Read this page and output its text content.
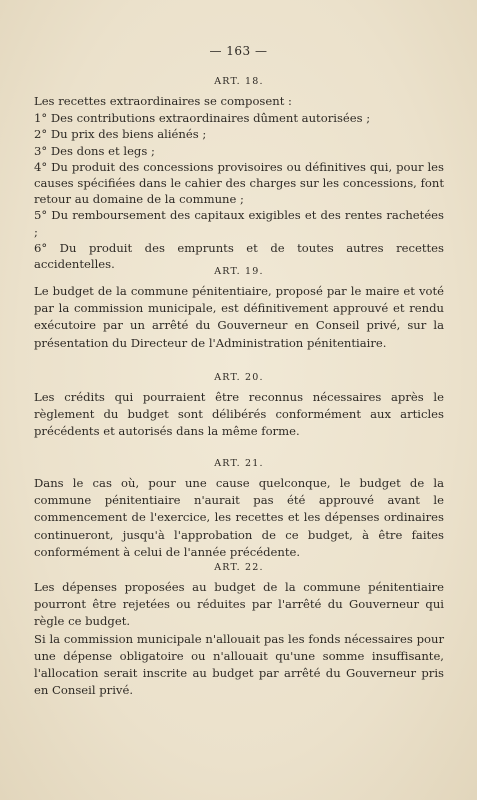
— 163 —
ART. 18.

Les recettes extraordinaires se composent :

1° Des contributions extraordinaires dûment autorisées ;

2° Du prix des biens aliénés ;

3° Des dons et legs ;

4° Du produit des concessions provisoires ou définitives qui, pour les causes spécifiées dans le cahier des charges sur les concessions, font retour au domaine de la commune ;

5° Du remboursement des capitaux exigibles et des rentes rachetées ;

6° Du produit des emprunts et de toutes autres recettes accidentelles.

ART. 19.

Le budget de la commune pénitentiaire, proposé par le maire et voté par la commission municipale, est définitivement approuvé et rendu exécutoire par un arrêté du Gouverneur en Conseil privé, sur la présentation du Directeur de l'Administration pénitentiaire.

ART. 20.

Les crédits qui pourraient être reconnus nécessaires après le règlement du budget sont délibérés conformément aux articles précédents et autorisés dans la même forme.

ART. 21.

Dans le cas où, pour une cause quelconque, le budget de la commune pénitentiaire n'aurait pas été approuvé avant le commencement de l'exercice, les recettes et les dépenses ordinaires continueront, jusqu'à l'approbation de ce budget, à être faites conformément à celui de l'année précédente.

ART. 22.

Les dépenses proposées au budget de la commune pénitentiaire pourront être rejetées ou réduites par l'arrêté du Gouverneur qui règle ce budget.

Si la commission municipale n'allouait pas les fonds nécessaires pour une dépense obligatoire ou n'allouait qu'une somme insuffisante, l'allocation serait inscrite au budget par arrêté du Gouverneur pris en Conseil privé.
